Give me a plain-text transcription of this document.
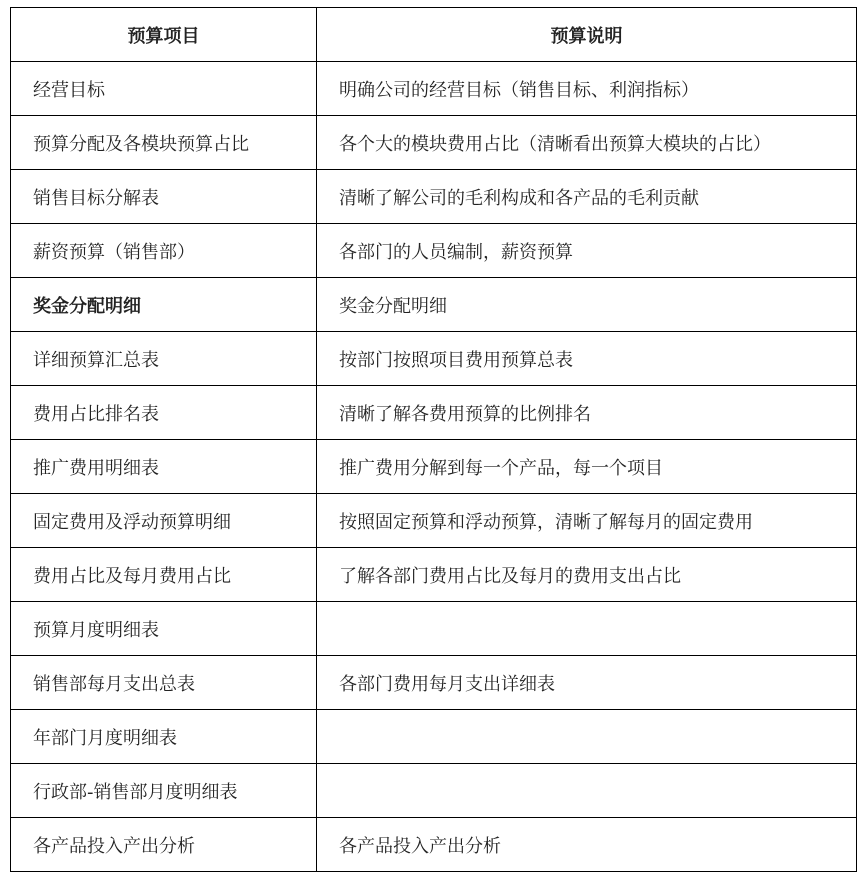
预算项目	预算说明
经营目标	明确公司的经营目标（销售目标、利润指标）
预算分配及各模块预算占比	各个大的模块费用占比（清晰看出预算大模块的占比）
销售目标分解表	清晰了解公司的毛利构成和各产品的毛利贡献
薪资预算（销售部）	各部门的人员编制，薪资预算
奖金分配明细	奖金分配明细
详细预算汇总表	按部门按照项目费用预算总表
费用占比排名表	清晰了解各费用预算的比例排名
推广费用明细表	推广费用分解到每一个产品，每一个项目
固定费用及浮动预算明细	按照固定预算和浮动预算，清晰了解每月的固定费用
费用占比及每月费用占比	了解各部门费用占比及每月的费用支出占比
预算月度明细表	
销售部每月支出总表	各部门费用每月支出详细表
年部门月度明细表	
行政部-销售部月度明细表	
各产品投入产出分析	各产品投入产出分析
